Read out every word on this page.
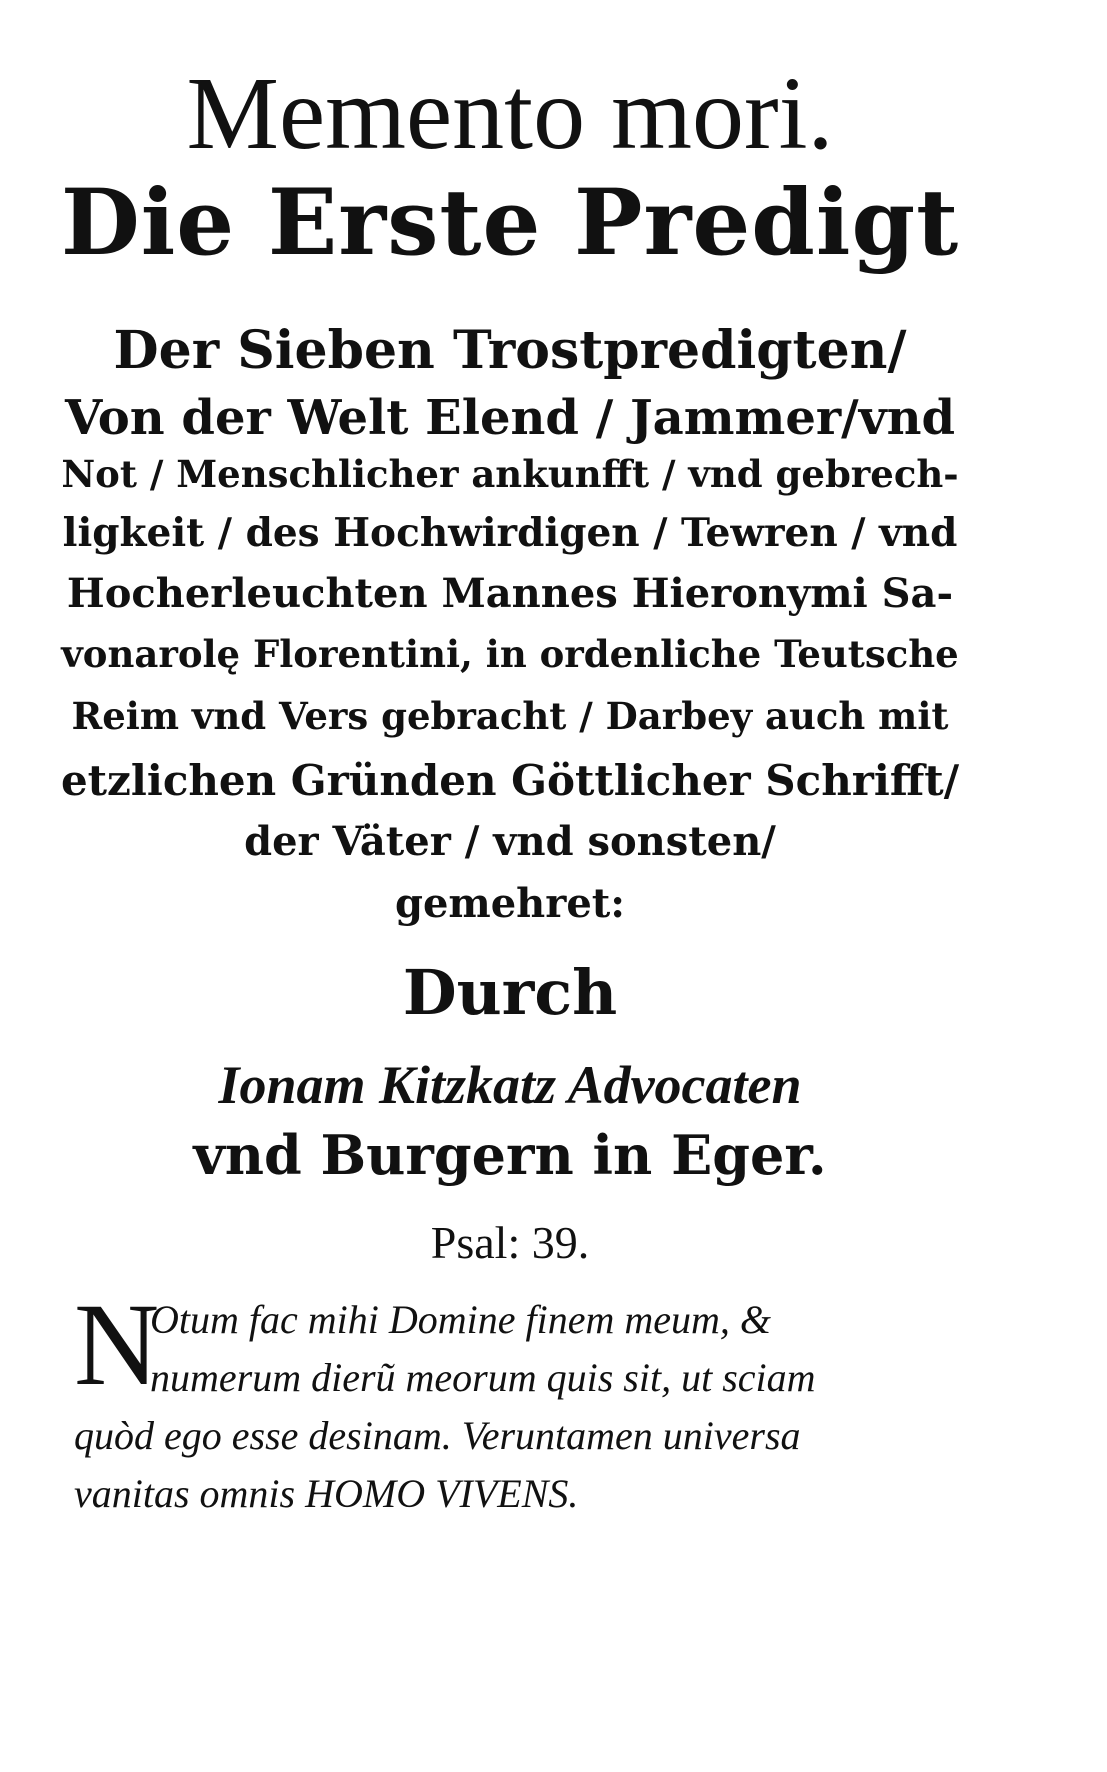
Memento mori.
Die Erste Predigt
Der Sieben Trostpredigten/
Von der Welt Elend / Jammer/vnd
Not / Menschlicher ankunfft / vnd gebrech-
ligkeit / des Hochwirdigen / Tewren / vnd
Hocherleuchten Mannes Hieronymi Sa-
vonarolę Florentini, in ordenliche Teutsche
Reim vnd Vers gebracht / Darbey auch mit
etzlichen Gründen Göttlicher Schrifft/
der Väter / vnd sonsten/
gemehret:
Durch
Ionam Kitzkatz Advocaten
vnd Burgern in Eger.
Psal: 39.
N
Otum fac mihi Domine finem meum, &
numerum dierũ meorum quis sit, ut sciam
quòd ego esse desinam. Veruntamen universa
vanitas omnis HOMO VIVENS.
